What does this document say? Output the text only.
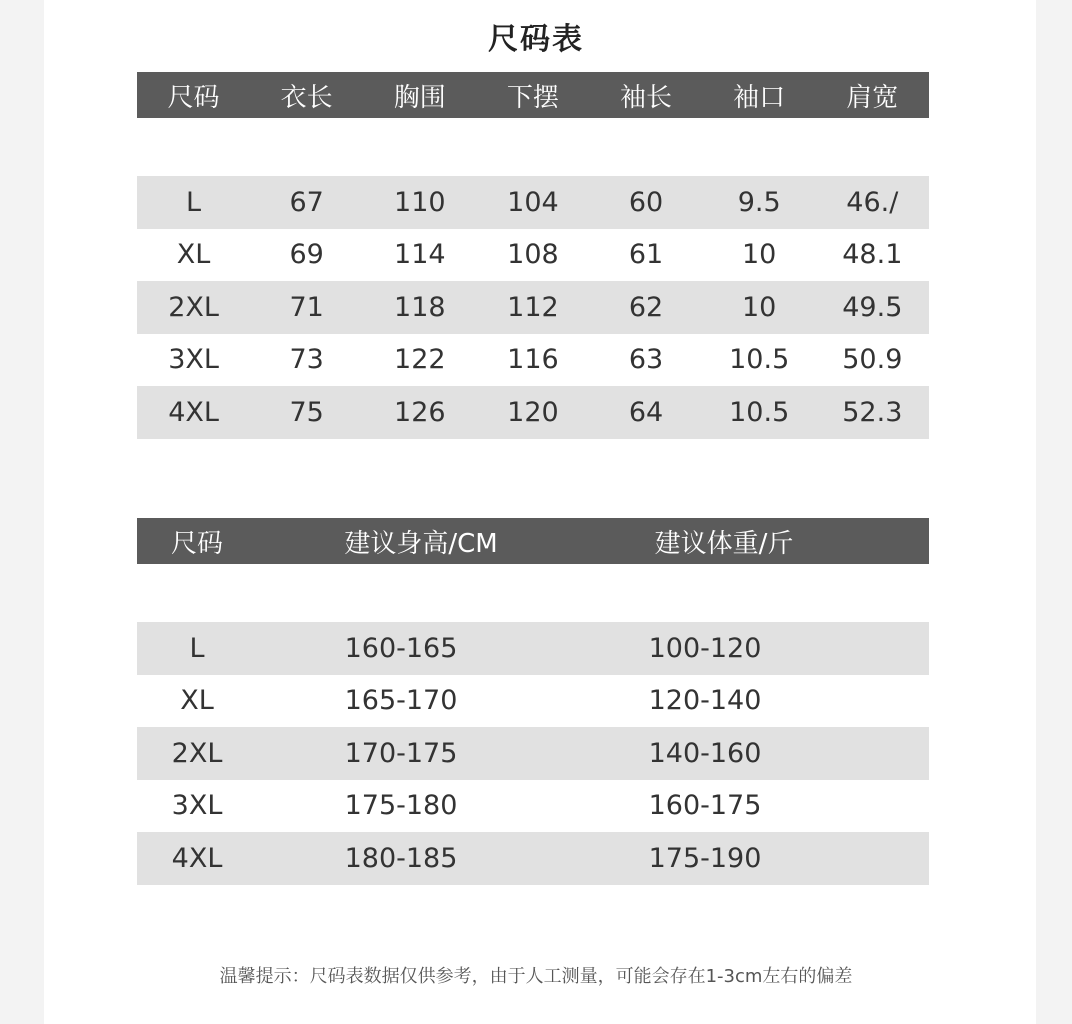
尺码表
尺码	衣长	胸围	下摆	袖长	袖口	肩宽
L	67	110	104	60	9.5	46./
XL	69	114	108	61	10	48.1
2XL	71	118	112	62	10	49.5
3XL	73	122	116	63	10.5	50.9
4XL	75	126	120	64	10.5	52.3
尺码	建议身高/CM	建议体重/斤
L	160-165	100-120
XL	165-170	120-140
2XL	170-175	140-160
3XL	175-180	160-175
4XL	180-185	175-190
温馨提示：尺码表数据仅供参考，由于人工测量，可能会存在1-3cm左右的偏差
